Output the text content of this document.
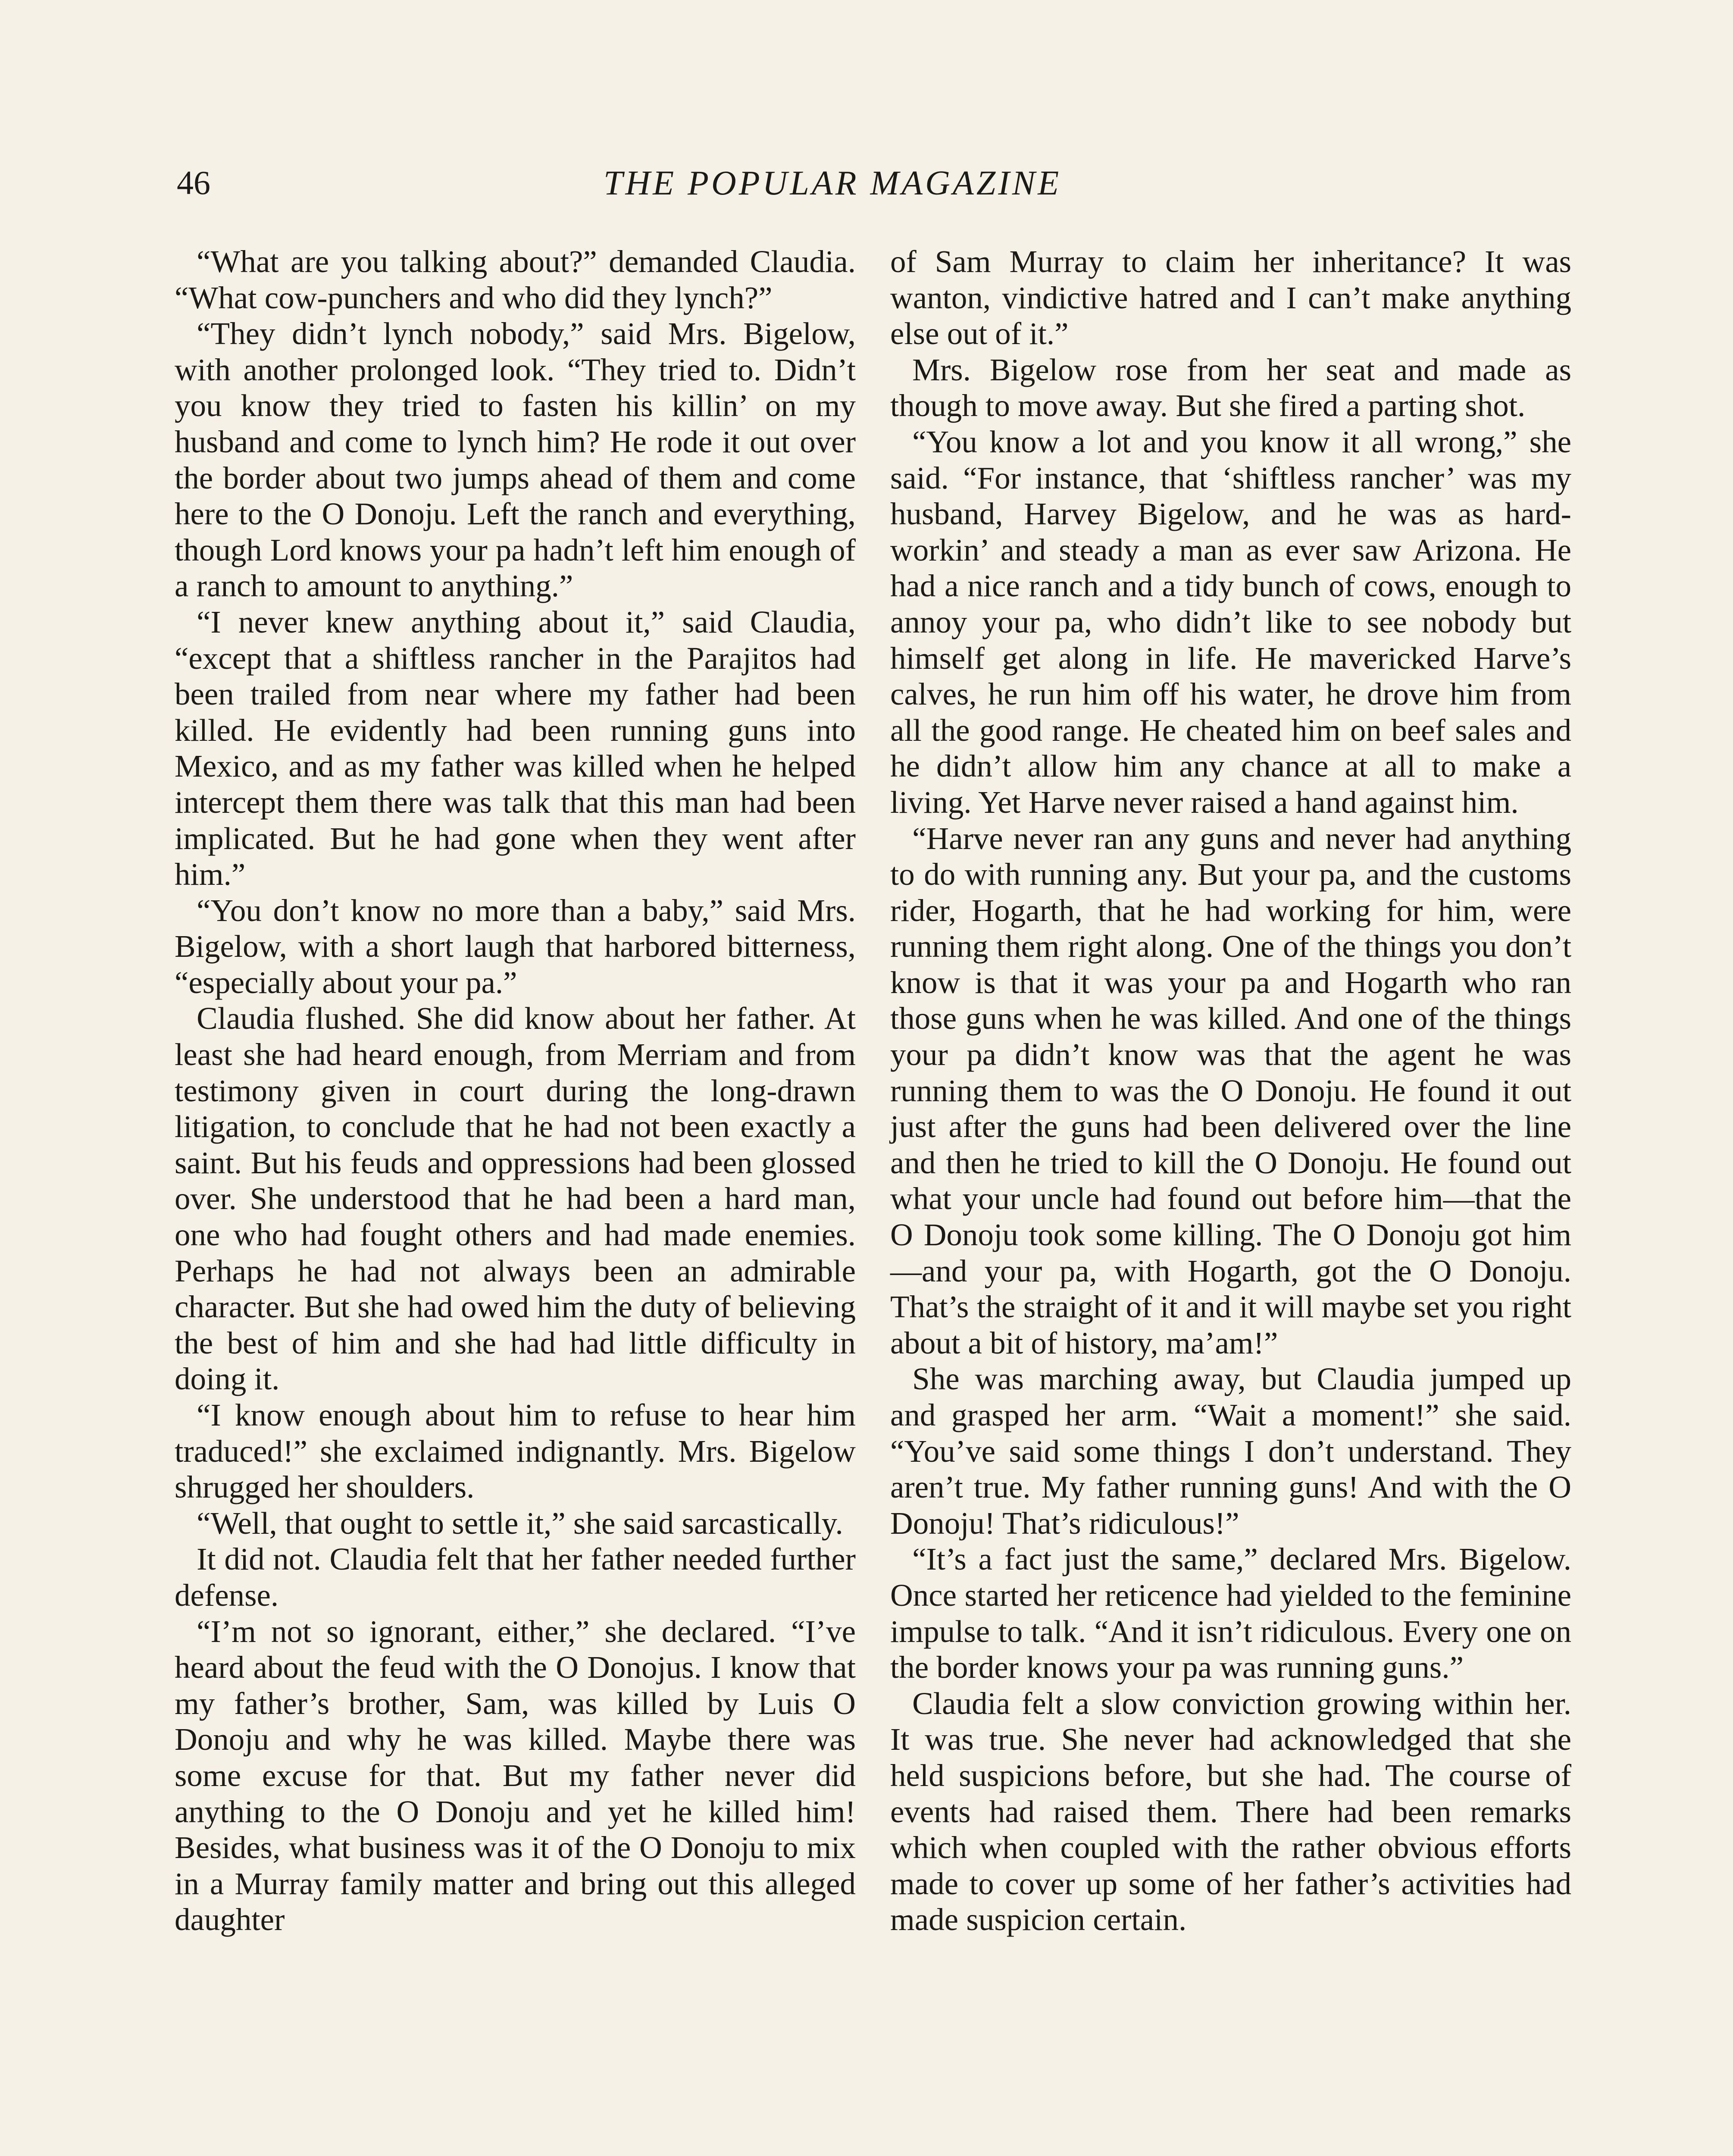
46	THE POPULAR MAGAZINE

“What are you talking about?” demanded Claudia. “What cow-punchers and who did they lynch?”

“They didn’t lynch nobody,” said Mrs. Bigelow, with another prolonged look. “They tried to. Didn’t you know they tried to fasten his killin’ on my husband and come to lynch him? He rode it out over the border about two jumps ahead of them and come here to the O Donoju. Left the ranch and everything, though Lord knows your pa hadn’t left him enough of a ranch to amount to anything.”

“I never knew anything about it,” said Claudia, “except that a shiftless rancher in the Parajitos had been trailed from near where my father had been killed. He evidently had been running guns into Mexico, and as my father was killed when he helped intercept them there was talk that this man had been implicated. But he had gone when they went after him.”

“You don’t know no more than a baby,” said Mrs. Bigelow, with a short laugh that harbored bitterness, “especially about your pa.”

Claudia flushed. She did know about her father. At least she had heard enough, from Merriam and from testimony given in court during the long-drawn litigation, to conclude that he had not been exactly a saint. But his feuds and oppressions had been glossed over. She understood that he had been a hard man, one who had fought others and had made enemies. Perhaps he had not always been an admirable character. But she had owed him the duty of believing the best of him and she had had little difficulty in doing it.

“I know enough about him to refuse to hear him traduced!” she exclaimed indignantly. Mrs. Bigelow shrugged her shoulders.

“Well, that ought to settle it,” she said sarcastically.

It did not. Claudia felt that her father needed further defense.

“I’m not so ignorant, either,” she declared. “I’ve heard about the feud with the O Donojus. I know that my father’s brother, Sam, was killed by Luis O Donoju and why he was killed. Maybe there was some excuse for that. But my father never did anything to the O Donoju and yet he killed him! Besides, what business was it of the O Donoju to mix in a Murray family matter and bring out this alleged daughter

of Sam Murray to claim her inheritance? It was wanton, vindictive hatred and I can’t make anything else out of it.”

Mrs. Bigelow rose from her seat and made as though to move away. But she fired a parting shot.

“You know a lot and you know it all wrong,” she said. “For instance, that ‘shiftless rancher’ was my husband, Harvey Bigelow, and he was as hard-workin’ and steady a man as ever saw Arizona. He had a nice ranch and a tidy bunch of cows, enough to annoy your pa, who didn’t like to see nobody but himself get along in life. He mavericked Harve’s calves, he run him off his water, he drove him from all the good range. He cheated him on beef sales and he didn’t allow him any chance at all to make a living. Yet Harve never raised a hand against him.

“Harve never ran any guns and never had anything to do with running any. But your pa, and the customs rider, Hogarth, that he had working for him, were running them right along. One of the things you don’t know is that it was your pa and Hogarth who ran those guns when he was killed. And one of the things your pa didn’t know was that the agent he was running them to was the O Donoju. He found it out just after the guns had been delivered over the line and then he tried to kill the O Donoju. He found out what your uncle had found out before him—that the O Donoju took some killing. The O Donoju got him—and your pa, with Hogarth, got the O Donoju. That’s the straight of it and it will maybe set you right about a bit of history, ma’am!”

She was marching away, but Claudia jumped up and grasped her arm. “Wait a moment!” she said. “You’ve said some things I don’t understand. They aren’t true. My father running guns! And with the O Donoju! That’s ridiculous!”

“It’s a fact just the same,” declared Mrs. Bigelow. Once started her reticence had yielded to the feminine impulse to talk. “And it isn’t ridiculous. Every one on the border knows your pa was running guns.”

Claudia felt a slow conviction growing within her. It was true. She never had acknowledged that she held suspicions before, but she had. The course of events had raised them. There had been remarks which when coupled with the rather obvious efforts made to cover up some of her father’s activities had made suspicion certain.
